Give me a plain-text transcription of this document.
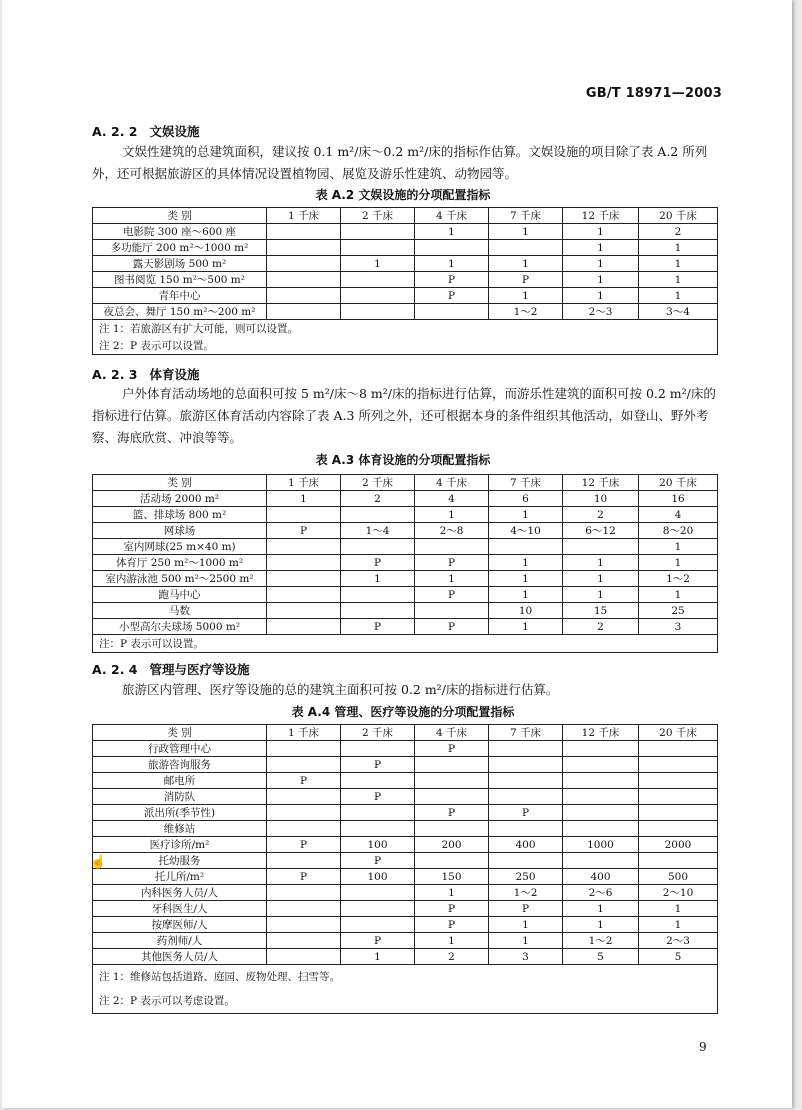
GB/T 18971—2003
A. 2. 2 文娱设施
文娱性建筑的总建筑面积，建议按 0.1 m²/床～0.2 m²/床的指标作估算。文娱设施的项目除了表 A.2 所列外，还可根据旅游区的具体情况设置植物园、展览及游乐性建筑、动物园等。
表 A.2 文娱设施的分项配置指标
类 别	1 千床	2 千床	4 千床	7 千床	12 千床	20 千床
电影院 300 座～600 座			1	1	1	2
多功能厅 200 m²～1000 m²					1	1
露天影剧场 500 m²		1	1	1	1	1
图书阅览 150 m²～500 m²			P	P	1	1
青年中心			P	1	1	1
夜总会、舞厅 150 m²～200 m²				1～2	2～3	3～4
注 1：若旅游区有扩大可能，则可以设置。						
注 2：P 表示可以设置。						
A. 2. 3 体育设施
户外体育活动场地的总面积可按 5 m²/床～8 m²/床的指标进行估算，而游乐性建筑的面积可按 0.2 m²/床的指标进行估算。旅游区体育活动内容除了表 A.3 所列之外，还可根据本身的条件组织其他活动，如登山、野外考察、海底欣赏、冲浪等等。
表 A.3 体育设施的分项配置指标
类 别	1 千床	2 千床	4 千床	7 千床	12 千床	20 千床
活动场 2000 m²	1	2	4	6	10	16
篮、排球场 800 m²			1	1	2	4
网球场	P	1～4	2～8	4～10	6～12	8～20
室内网球(25 m×40 m)						1
体育厅 250 m²～1000 m²		P	P	1	1	1
室内游泳池 500 m²～2500 m²		1	1	1	1	1～2
跑马中心			P	1	1	1
马数				10	15	25
小型高尔夫球场 5000 m²		P	P	1	2	3
注：P 表示可以设置。						
A. 2. 4 管理与医疗等设施
旅游区内管理、医疗等设施的总的建筑主面积可按 0.2 m²/床的指标进行估算。
表 A.4 管理、医疗等设施的分项配置指标
类 别	1 千床	2 千床	4 千床	7 千床	12 千床	20 千床
行政管理中心			P			
旅游咨询服务		P				
邮电所	P					
消防队		P				
派出所(季节性)			P	P		
维修站						
医疗诊所/m²	P	100	200	400	1000	2000
托幼服务		P				
托儿所/m²	P	100	150	250	400	500
内科医务人员/人			1	1～2	2～6	2～10
牙科医生/人			P	P	1	1
按摩医师/人			P	1	1	1
药剂师/人		P	1	1	1～2	2～3
其他医务人员/人		1	2	3	5	5
注 1：维修站包括道路、庭园、废物处理、扫雪等。						
注 2：P 表示可以考虑设置。						
☝
9
